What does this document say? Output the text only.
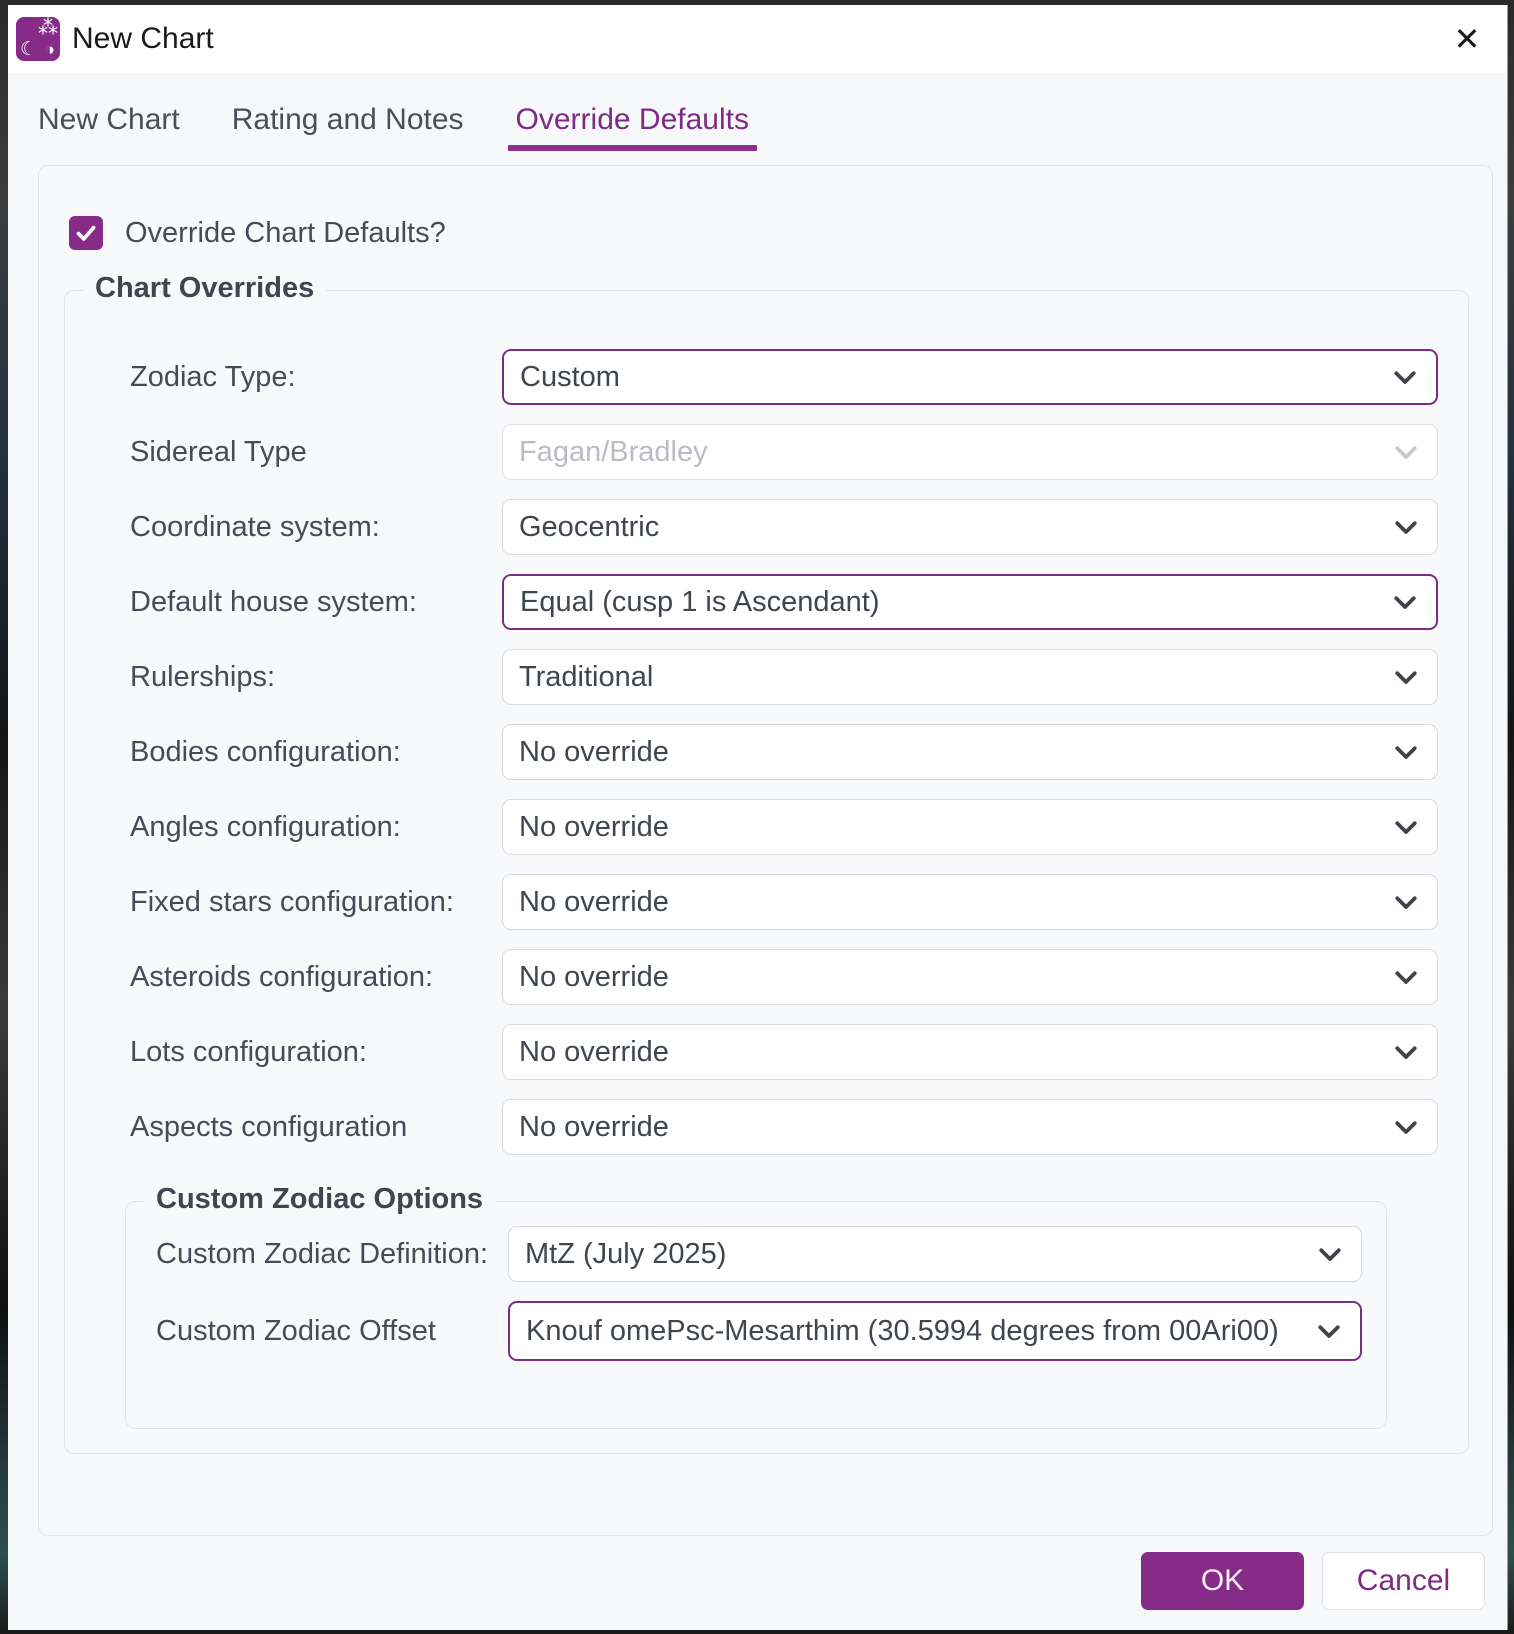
⁂
☾ ◑ New Chart	✕
New Chart Rating and Notes Override Defaults
Override Chart Defaults?
Chart Overrides
Zodiac Type:	Custom
Sidereal Type	Fagan/Bradley
Coordinate system:	Geocentric
Default house system:	Equal (cusp 1 is Ascendant)
Rulerships:	Traditional
Bodies configuration:	No override
Angles configuration:	No override
Fixed stars configuration: No override
Asteroids configuration:	No override
Lots configuration:	No override
Aspects configuration	No override
Custom Zodiac Options
Custom Zodiac Definition: MtZ (July 2025)
Custom Zodiac Offset	Knouf omePsc-Mesarthim (30.5994 degrees from 00Ari00)
OK	Cancel
